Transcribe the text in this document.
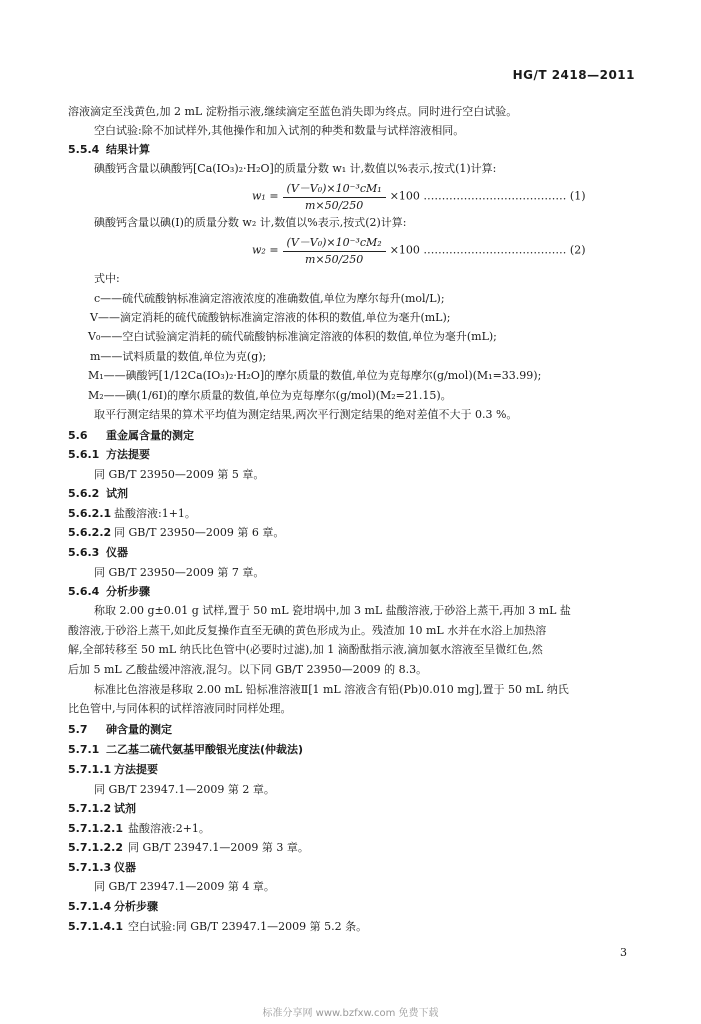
HG/T 2418—2011
溶液滴定至浅黄色,加 2 mL 淀粉指示液,继续滴定至蓝色消失即为终点。同时进行空白试验。
空白试验:除不加试样外,其他操作和加入试剂的种类和数量与试样溶液相同。
5.5.4 结果计算
碘酸钙含量以碘酸钙[Ca(IO₃)₂·H₂O]的质量分数 w₁ 计,数值以%表示,按式(1)计算:
$w_1 = \frac{\text{(V－V₀)×10⁻³cM₁}}{m\times 50/250} \times 100$ ………………………………… (1)
碘酸钙含量以碘(I)的质量分数 w₂ 计,数值以%表示,按式(2)计算:
$w_2 = \frac{\text{(V－V₀)×10⁻³cM₂}}{m\times 50/250} \times 100$ ………………………………… (2)
式中:
c——硫代硫酸钠标准滴定溶液浓度的准确数值,单位为摩尔每升(mol/L);
V——滴定消耗的硫代硫酸钠标准滴定溶液的体积的数值,单位为毫升(mL);
V₀——空白试验滴定消耗的硫代硫酸钠标准滴定溶液的体积的数值,单位为毫升(mL);
m——试料质量的数值,单位为克(g);
M₁——碘酸钙[1/12Ca(IO₃)₂·H₂O]的摩尔质量的数值,单位为克每摩尔(g/mol)(M₁=33.99);
M₂——碘(1/6I)的摩尔质量的数值,单位为克每摩尔(g/mol)(M₂=21.15)。
取平行测定结果的算术平均值为测定结果,两次平行测定结果的绝对差值不大于 0.3 %。
5.6 重金属含量的测定
5.6.1 方法提要
同 GB/T 23950—2009 第 5 章。
5.6.2 试剂
5.6.2.1 盐酸溶液:1+1。
5.6.2.2 同 GB/T 23950—2009 第 6 章。
5.6.3 仪器
同 GB/T 23950—2009 第 7 章。
5.6.4 分析步骤
称取 2.00 g±0.01 g 试样,置于 50 mL 瓷坩埚中,加 3 mL 盐酸溶液,于砂浴上蒸干,再加 3 mL 盐
酸溶液,于砂浴上蒸干,如此反复操作直至无碘的黄色形成为止。残渣加 10 mL 水并在水浴上加热溶
解,全部转移至 50 mL 纳氏比色管中(必要时过滤),加 1 滴酚酞指示液,滴加氨水溶液至呈微红色,然
后加 5 mL 乙酸盐缓冲溶液,混匀。以下同 GB/T 23950—2009 的 8.3。
标准比色溶液是移取 2.00 mL 铅标准溶液Ⅱ[1 mL 溶液含有铅(Pb)0.010 mg],置于 50 mL 纳氏
比色管中,与同体积的试样溶液同时同样处理。
5.7 砷含量的测定
5.7.1 二乙基二硫代氨基甲酸银光度法(仲裁法)
5.7.1.1 方法提要
同 GB/T 23947.1—2009 第 2 章。
5.7.1.2 试剂
5.7.1.2.1 盐酸溶液:2+1。
5.7.1.2.2 同 GB/T 23947.1—2009 第 3 章。
5.7.1.3 仪器
同 GB/T 23947.1—2009 第 4 章。
5.7.1.4 分析步骤
5.7.1.4.1 空白试验:同 GB/T 23947.1—2009 第 5.2 条。
3
标准分享网 www.bzfxw.com 免费下载
